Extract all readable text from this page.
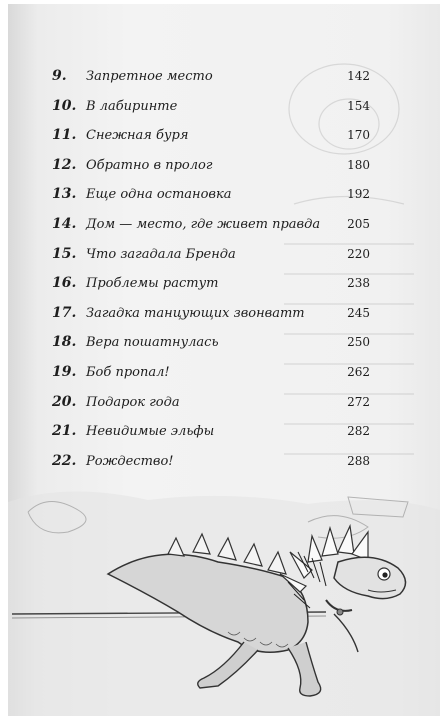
9.	Запретное место	142
10. В лабиринте	154
11. Снежная буря	170
12. Обратно в пролог	180
13. Еще одна остановка	192
14. Дом — место, где живет правда 205
15. Что загадала Бренда	220
16. Проблемы растут	238
17. Загадка танцующих звонватт	245
18. Вера пошатнулась	250
19. Боб пропал!	262
20. Подарок года	272
21. Невидимые эльфы	282
22. Рождество!	288
